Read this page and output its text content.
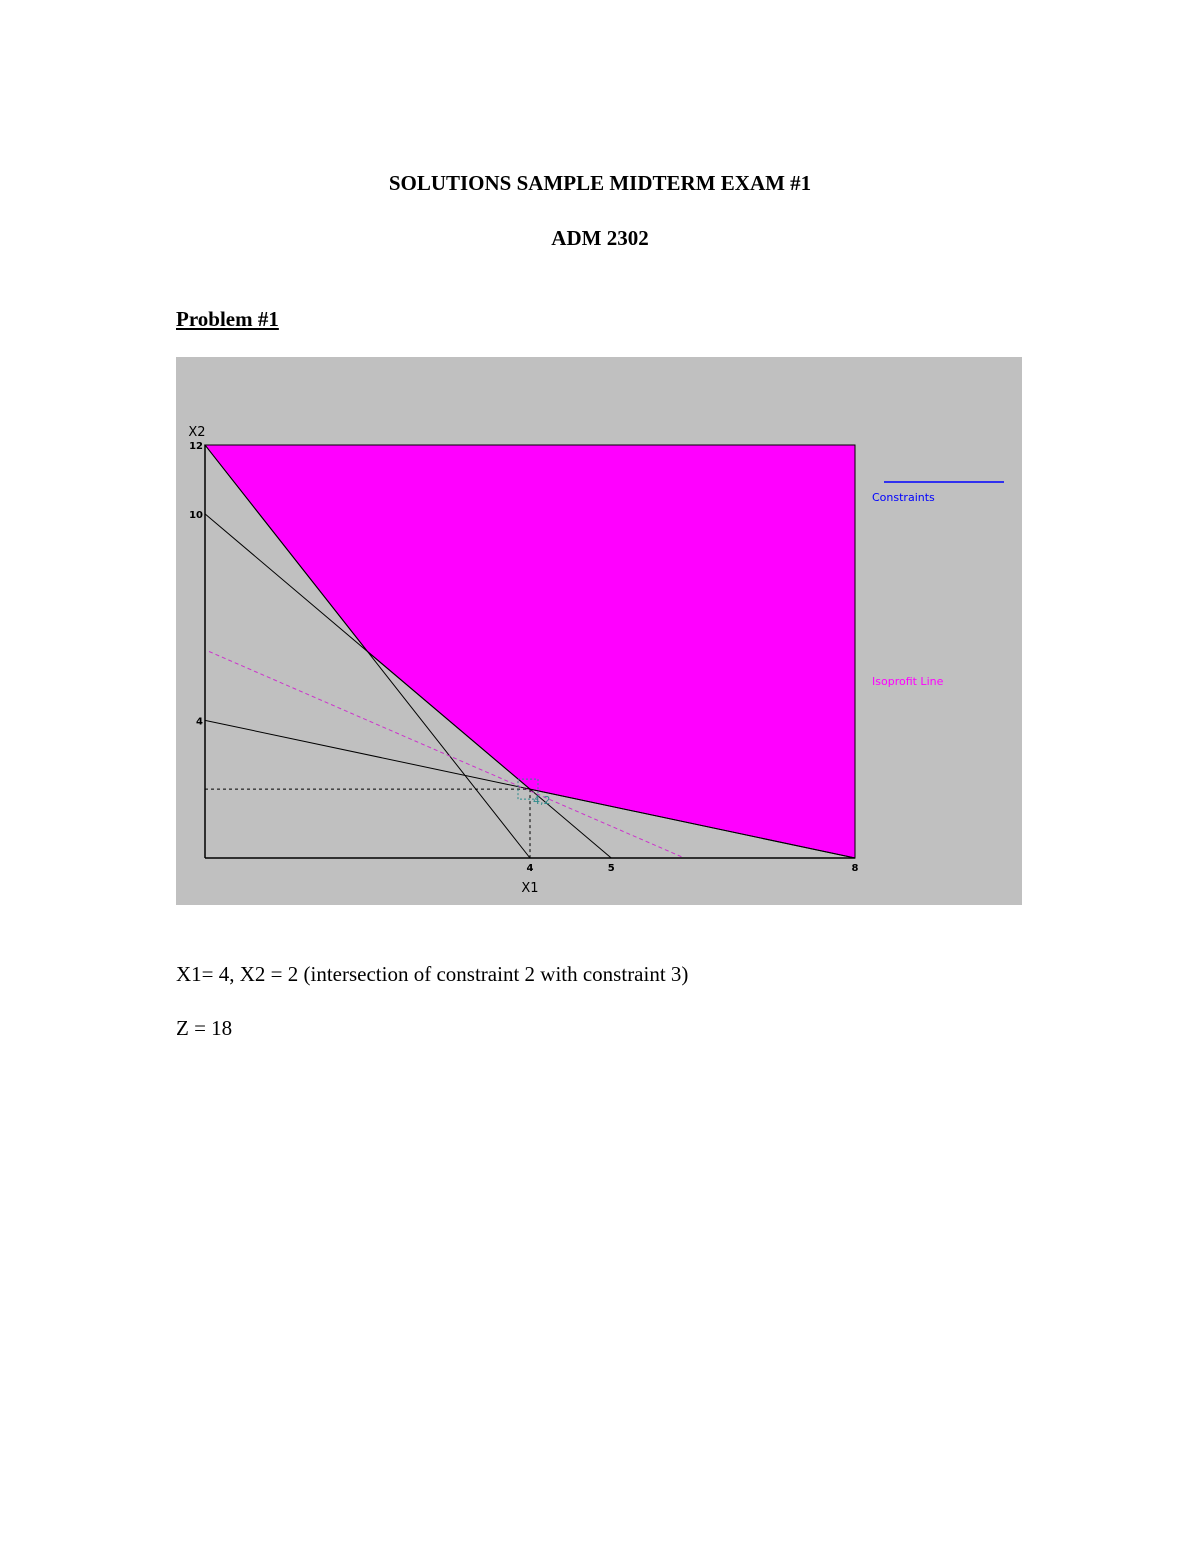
SOLUTIONS SAMPLE MIDTERM EXAM #1
ADM 2302
Problem #1
4,2
4	5	8
4
10
12
X1
X2
Constraints
Isoprofit Line
X1= 4, X2 = 2 (intersection of constraint 2 with constraint 3)
Z = 18
